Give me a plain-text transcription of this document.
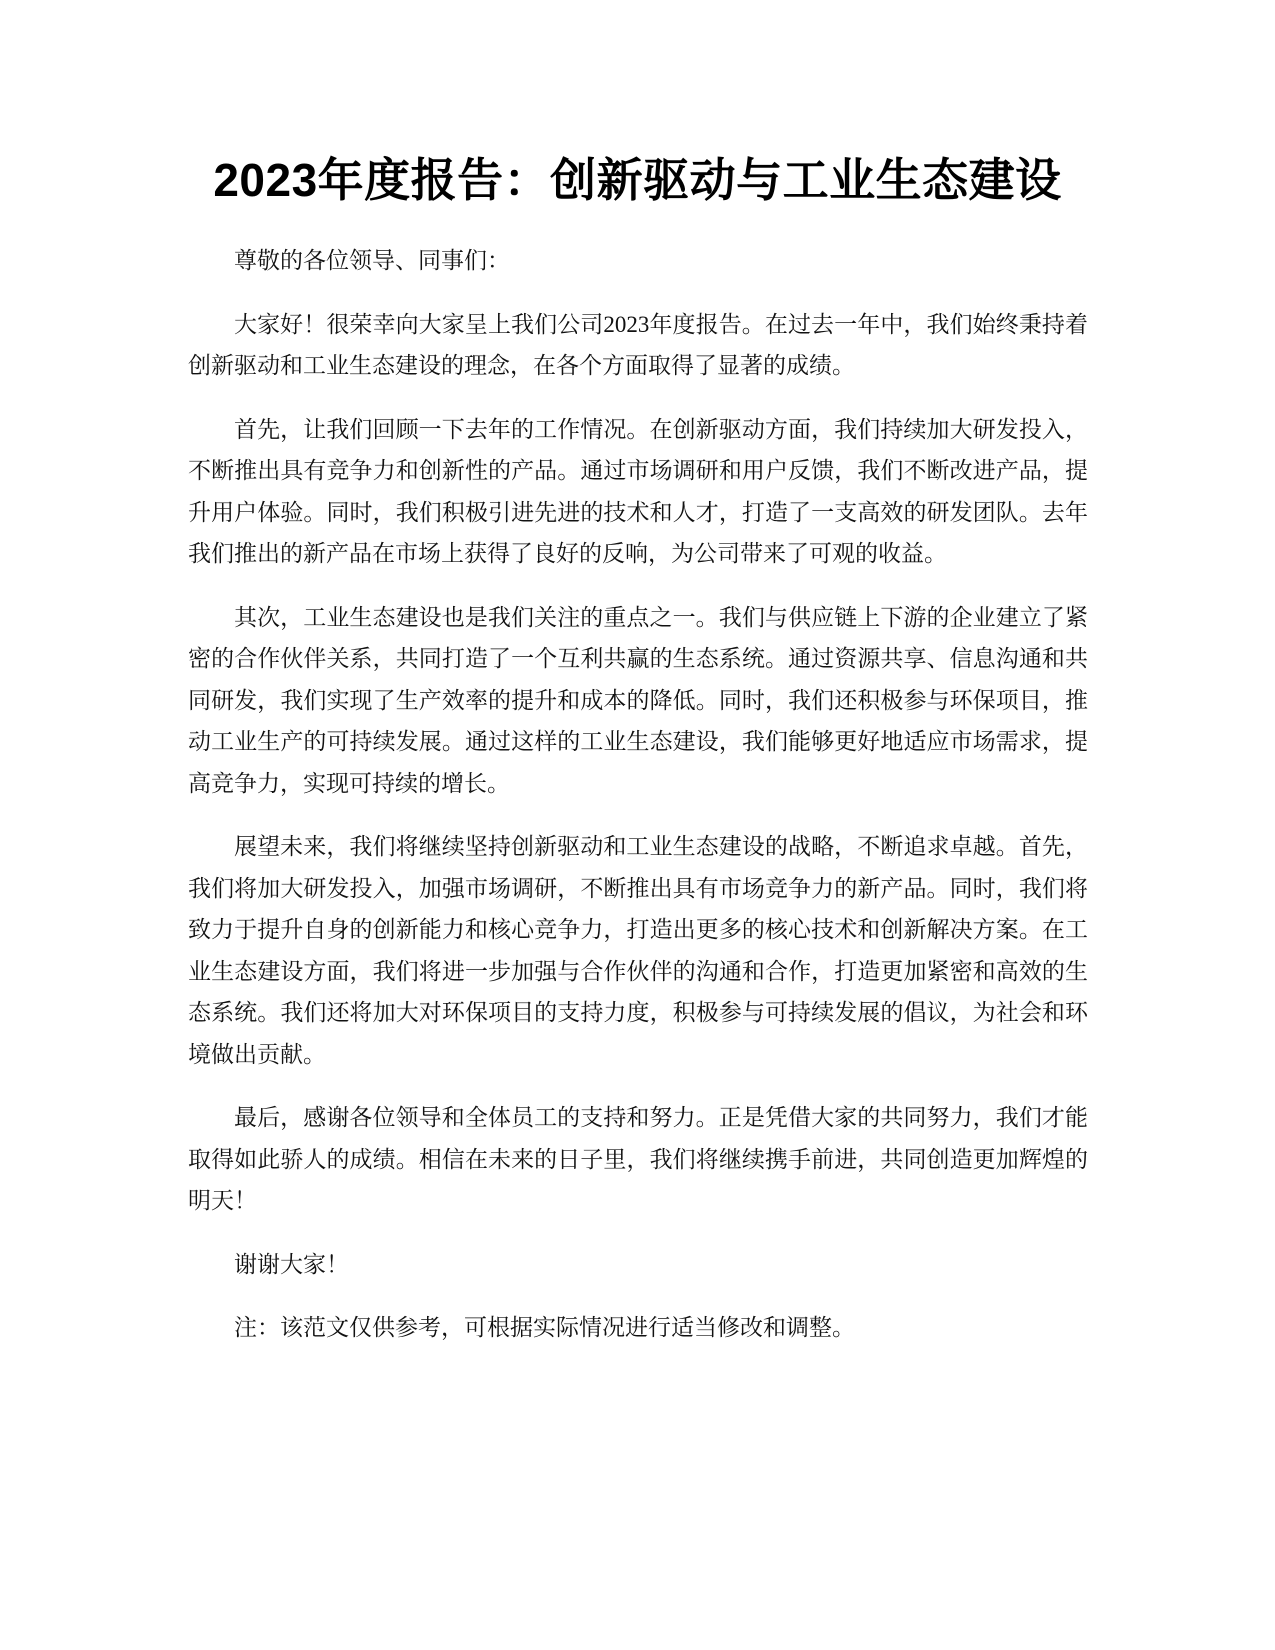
2023年度报告：创新驱动与工业生态建设

尊敬的各位领导、同事们：

大家好！很荣幸向大家呈上我们公司2023年度报告。在过去一年中，我们始终秉持着创新驱动和工业生态建设的理念，在各个方面取得了显著的成绩。

首先，让我们回顾一下去年的工作情况。在创新驱动方面，我们持续加大研发投入，不断推出具有竞争力和创新性的产品。通过市场调研和用户反馈，我们不断改进产品，提升用户体验。同时，我们积极引进先进的技术和人才，打造了一支高效的研发团队。去年我们推出的新产品在市场上获得了良好的反响，为公司带来了可观的收益。

其次，工业生态建设也是我们关注的重点之一。我们与供应链上下游的企业建立了紧密的合作伙伴关系，共同打造了一个互利共赢的生态系统。通过资源共享、信息沟通和共同研发，我们实现了生产效率的提升和成本的降低。同时，我们还积极参与环保项目，推动工业生产的可持续发展。通过这样的工业生态建设，我们能够更好地适应市场需求，提高竞争力，实现可持续的增长。

展望未来，我们将继续坚持创新驱动和工业生态建设的战略，不断追求卓越。首先，我们将加大研发投入，加强市场调研，不断推出具有市场竞争力的新产品。同时，我们将致力于提升自身的创新能力和核心竞争力，打造出更多的核心技术和创新解决方案。在工业生态建设方面，我们将进一步加强与合作伙伴的沟通和合作，打造更加紧密和高效的生态系统。我们还将加大对环保项目的支持力度，积极参与可持续发展的倡议，为社会和环境做出贡献。

最后，感谢各位领导和全体员工的支持和努力。正是凭借大家的共同努力，我们才能取得如此骄人的成绩。相信在未来的日子里，我们将继续携手前进，共同创造更加辉煌的明天！

谢谢大家！

注：该范文仅供参考，可根据实际情况进行适当修改和调整。
